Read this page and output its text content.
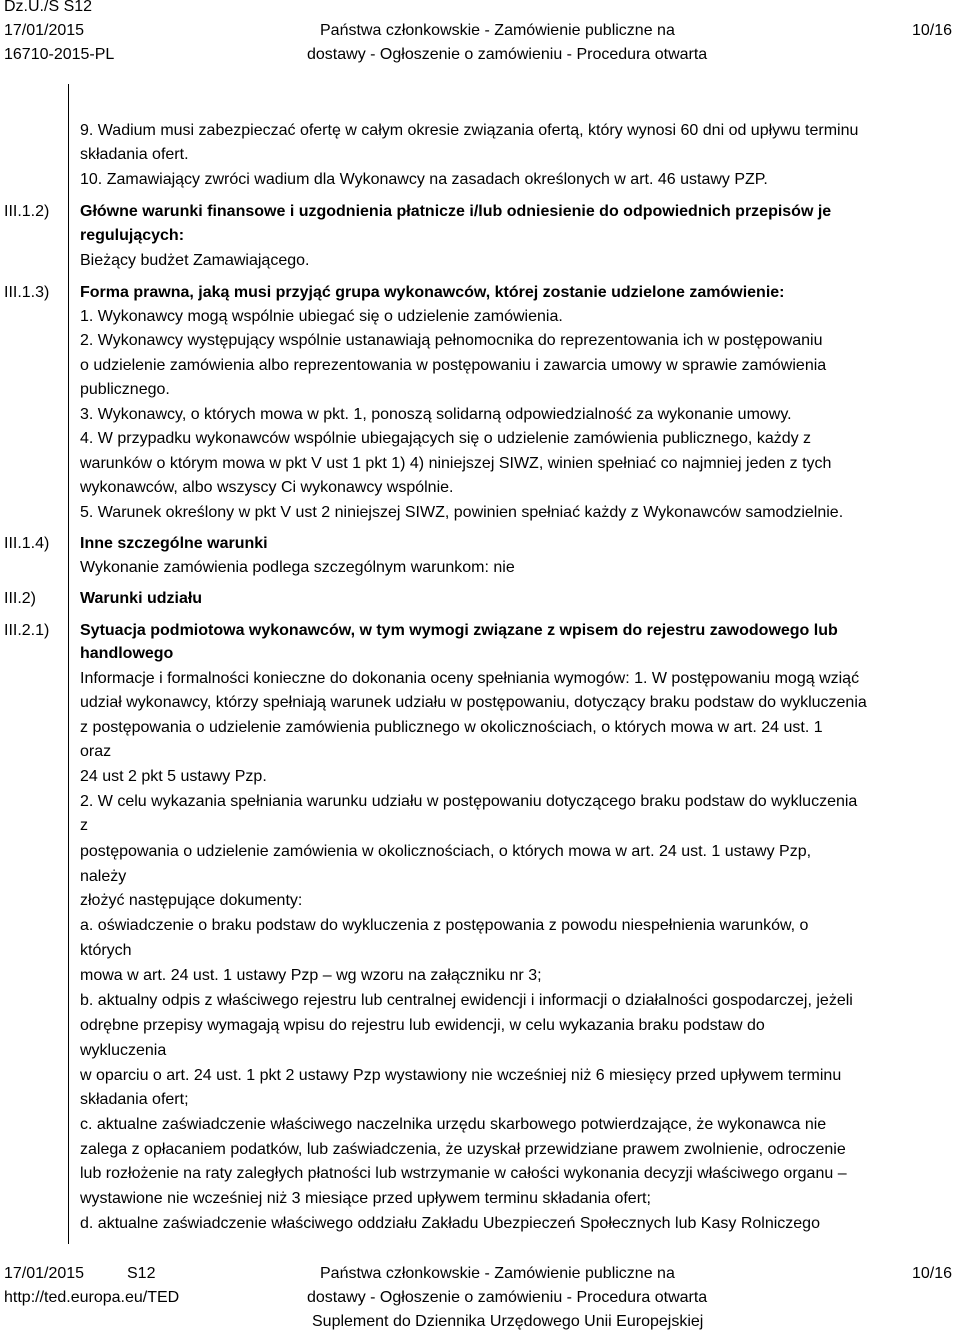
Dz.U./S S12
17/01/2015
16710-2015-PL
Państwa członkowskie - Zamówienie publiczne na
dostawy - Ogłoszenie o zamówieniu - Procedura otwarta
10/16
III.1.2)
III.1.3)
III.1.4)
III.2)
III.2.1)
9. Wadium musi zabezpieczać ofertę w całym okresie związania ofertą, który wynosi 60 dni od upływu terminu
składania ofert.
10. Zamawiający zwróci wadium dla Wykonawcy na zasadach określonych w art. 46 ustawy PZP.
Główne warunki finansowe i uzgodnienia płatnicze i/lub odniesienie do odpowiednich przepisów je
regulujących:
Bieżący budżet Zamawiającego.
Forma prawna, jaką musi przyjąć grupa wykonawców, której zostanie udzielone zamówienie:
1. Wykonawcy mogą wspólnie ubiegać się o udzielenie zamówienia.
2. Wykonawcy występujący wspólnie ustanawiają pełnomocnika do reprezentowania ich w postępowaniu
o udzielenie zamówienia albo reprezentowania w postępowaniu i zawarcia umowy w sprawie zamówienia
publicznego.
3. Wykonawcy, o których mowa w pkt. 1, ponoszą solidarną odpowiedzialność za wykonanie umowy.
4. W przypadku wykonawców wspólnie ubiegających się o udzielenie zamówienia publicznego, każdy z
warunków o którym mowa w pkt V ust 1 pkt 1) 4) niniejszej SIWZ, winien spełniać co najmniej jeden z tych
wykonawców, albo wszyscy Ci wykonawcy wspólnie.
5. Warunek określony w pkt V ust 2 niniejszej SIWZ, powinien spełniać każdy z Wykonawców samodzielnie.
Inne szczególne warunki
Wykonanie zamówienia podlega szczególnym warunkom: nie
Warunki udziału
Sytuacja podmiotowa wykonawców, w tym wymogi związane z wpisem do rejestru zawodowego lub
handlowego
Informacje i formalności konieczne do dokonania oceny spełniania wymogów: 1. W postępowaniu mogą wziąć
udział wykonawcy, którzy spełniają warunek udziału w postępowaniu, dotyczący braku podstaw do wykluczenia
z postępowania o udzielenie zamówienia publicznego w okolicznościach, o których mowa w art. 24 ust. 1
oraz
24 ust 2 pkt 5 ustawy Pzp.
2. W celu wykazania spełniania warunku udziału w postępowaniu dotyczącego braku podstaw do wykluczenia
z
postępowania o udzielenie zamówienia w okolicznościach, o których mowa w art. 24 ust. 1 ustawy Pzp,
należy
złożyć następujące dokumenty:
a. oświadczenie o braku podstaw do wykluczenia z postępowania z powodu niespełnienia warunków, o
których
mowa w art. 24 ust. 1 ustawy Pzp – wg wzoru na załączniku nr 3;
b. aktualny odpis z właściwego rejestru lub centralnej ewidencji i informacji o działalności gospodarczej, jeżeli
odrębne przepisy wymagają wpisu do rejestru lub ewidencji, w celu wykazania braku podstaw do
wykluczenia
w oparciu o art. 24 ust. 1 pkt 2 ustawy Pzp wystawiony nie wcześniej niż 6 miesięcy przed upływem terminu
składania ofert;
c. aktualne zaświadczenie właściwego naczelnika urzędu skarbowego potwierdzające, że wykonawca nie
zalega z opłacaniem podatków, lub zaświadczenia, że uzyskał przewidziane prawem zwolnienie, odroczenie
lub rozłożenie na raty zaległych płatności lub wstrzymanie w całości wykonania decyzji właściwego organu –
wystawione nie wcześniej niż 3 miesiące przed upływem terminu składania ofert;
d. aktualne zaświadczenie właściwego oddziału Zakładu Ubezpieczeń Społecznych lub Kasy Rolniczego
17/01/2015	S12
http://ted.europa.eu/TED
Państwa członkowskie - Zamówienie publiczne na
dostawy - Ogłoszenie o zamówieniu - Procedura otwarta
Suplement do Dziennika Urzędowego Unii Europejskiej
10/16
